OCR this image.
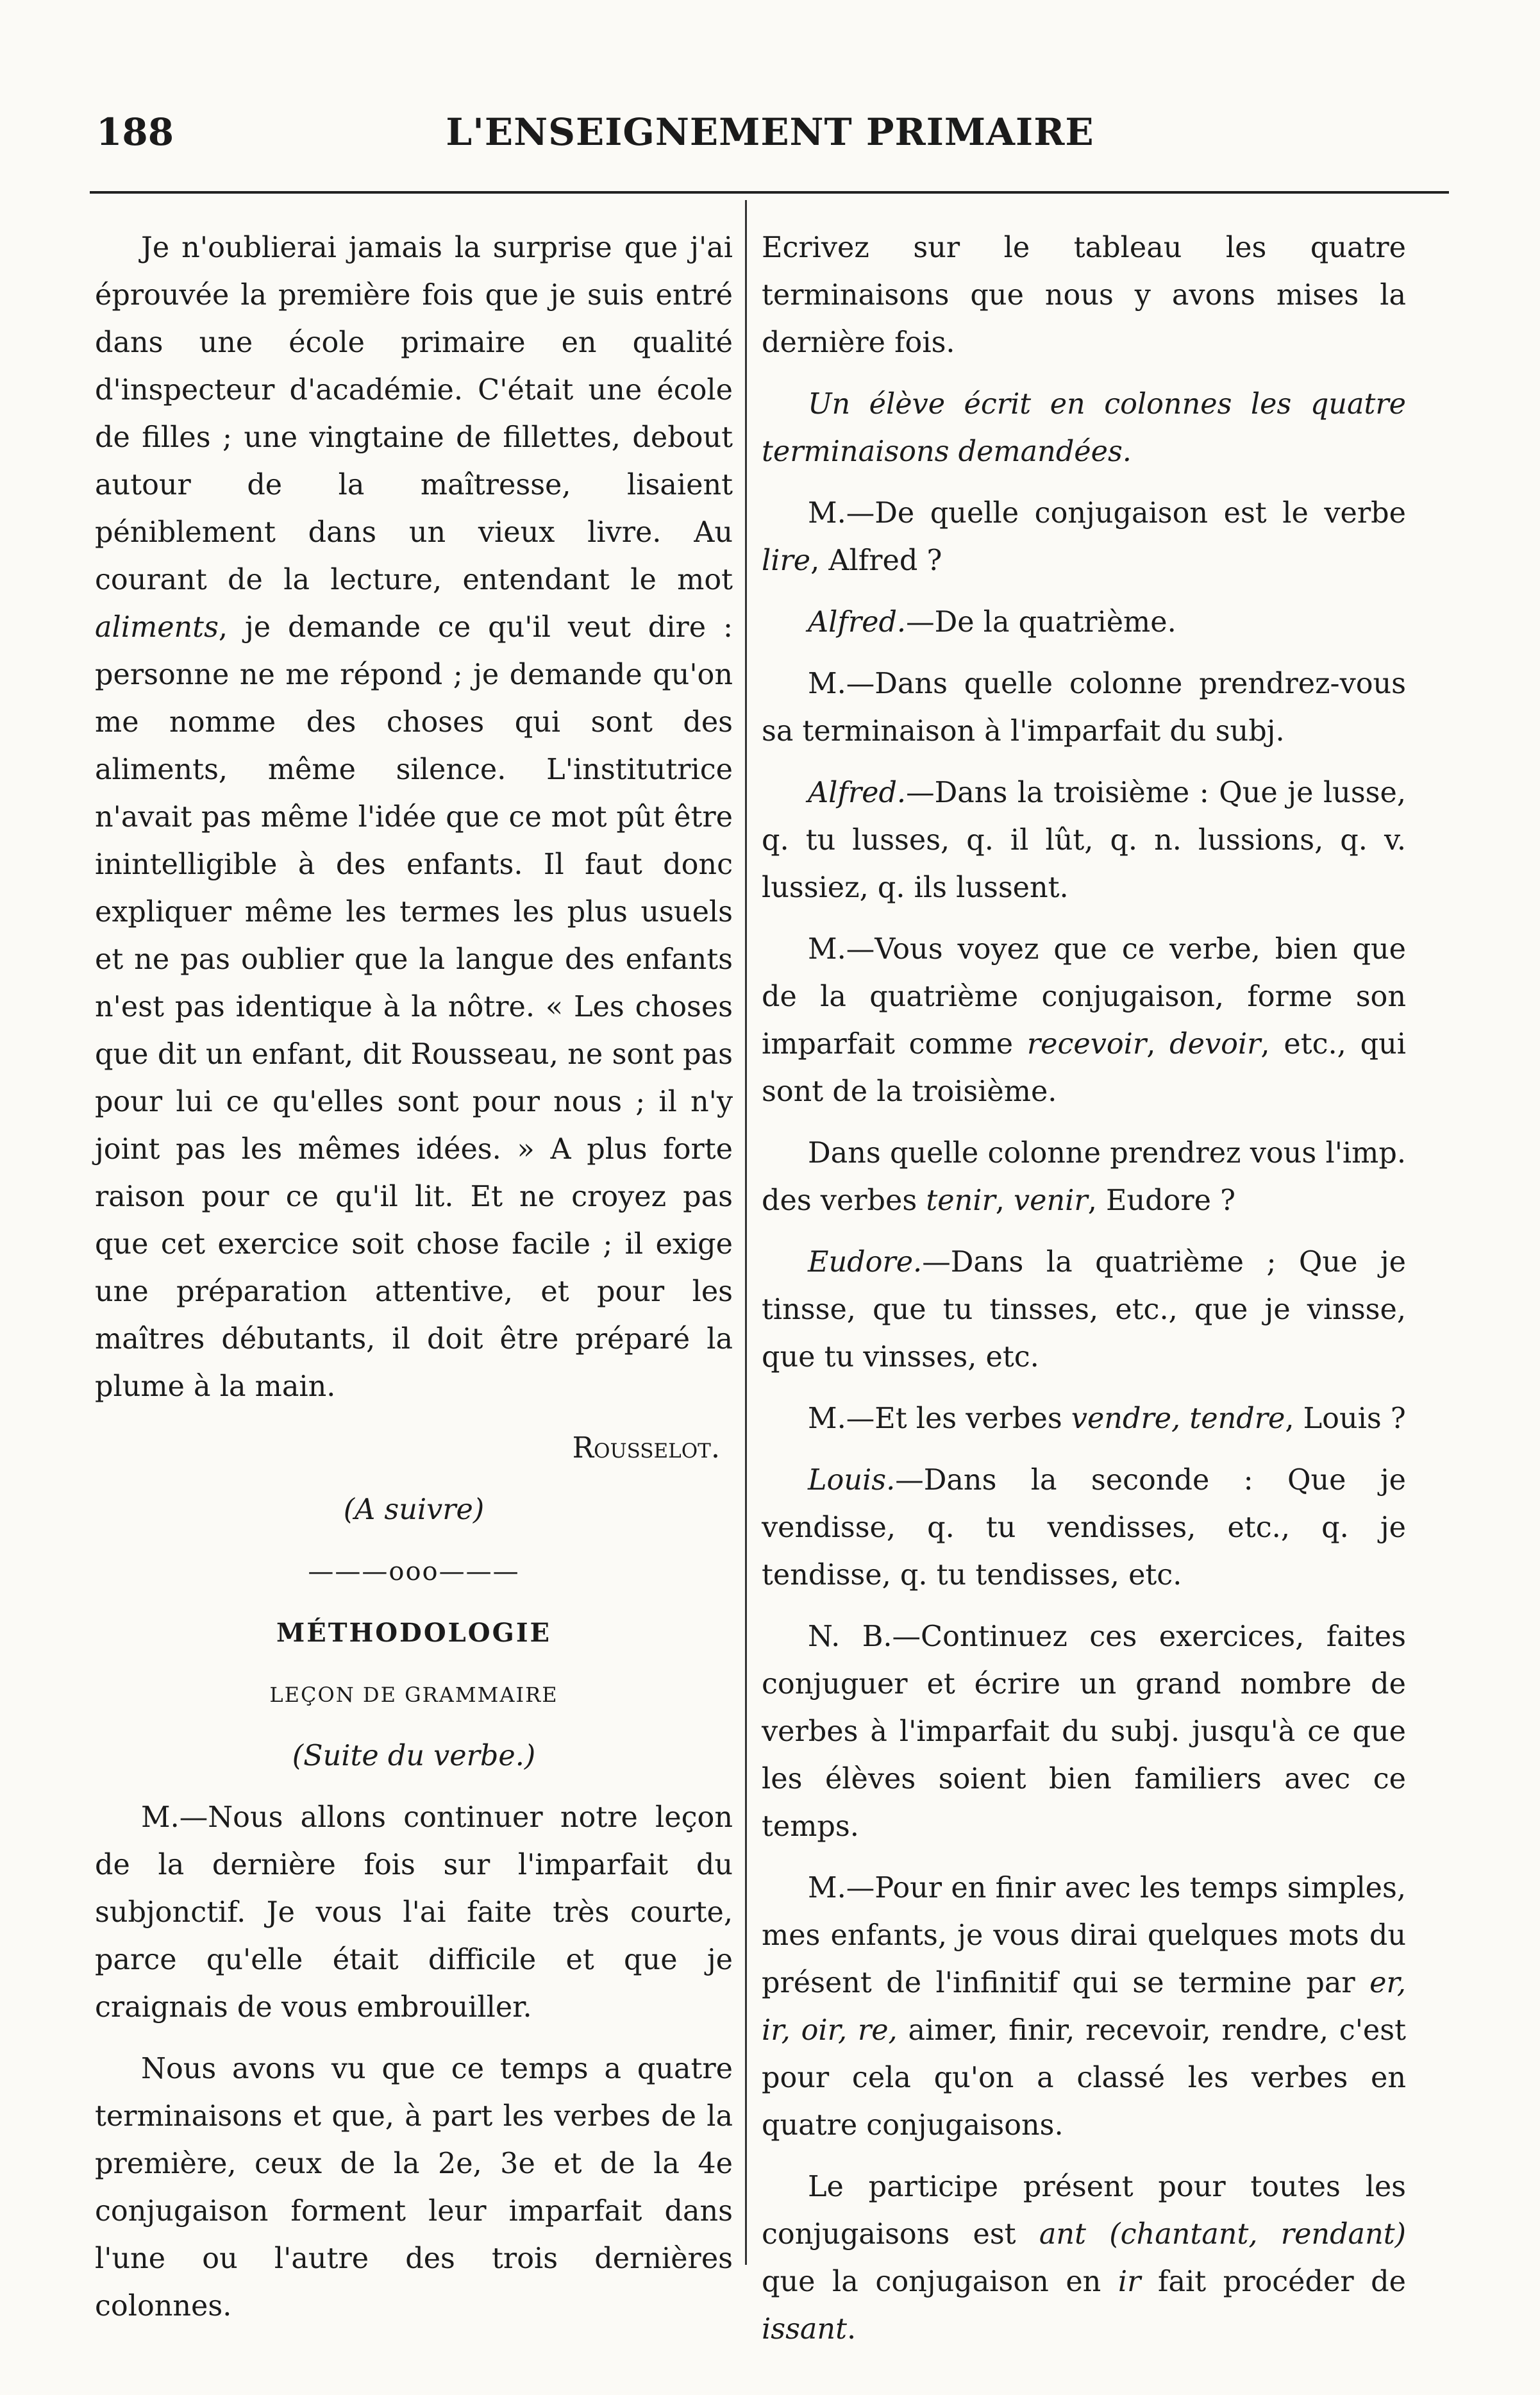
188	L'ENSEIGNEMENT PRIMAIRE

Je n'oublierai jamais la surprise que j'ai éprouvée la première fois que je suis entré dans une école primaire en qualité d'inspecteur d'académie. C'était une école de filles ; une vingtaine de fillettes, debout autour de la maîtresse, lisaient péniblement dans un vieux livre. Au courant de la lecture, entendant le mot aliments, je demande ce qu'il veut dire : personne ne me répond ; je demande qu'on me nomme des choses qui sont des aliments, même silence. L'institutrice n'avait pas même l'idée que ce mot pût être inintelligible à des enfants. Il faut donc expliquer même les termes les plus usuels et ne pas oublier que la langue des enfants n'est pas identique à la nôtre. « Les choses que dit un enfant, dit Rousseau, ne sont pas pour lui ce qu'elles sont pour nous ; il n'y joint pas les mêmes idées. » A plus forte raison pour ce qu'il lit. Et ne croyez pas que cet exercice soit chose facile ; il exige une préparation attentive, et pour les maîtres débutants, il doit être préparé la plume à la main.

Rousselot.

(A suivre)

———ooo———

MÉTHODOLOGIE

LEÇON DE GRAMMAIRE

(Suite du verbe.)

M.—Nous allons continuer notre leçon de la dernière fois sur l'imparfait du subjonctif. Je vous l'ai faite très courte, parce qu'elle était difficile et que je craignais de vous embrouiller.

Nous avons vu que ce temps a quatre terminaisons et que, à part les verbes de la première, ceux de la 2e, 3e et de la 4e conjugaison forment leur imparfait dans l'une ou l'autre des trois dernières colonnes.

Ecrivez sur le tableau les quatre terminaisons que nous y avons mises la dernière fois.

Un élève écrit en colonnes les quatre terminaisons demandées.

M.—De quelle conjugaison est le verbe lire, Alfred ?

Alfred.—De la quatrième.

M.—Dans quelle colonne prendrez-vous sa terminaison à l'imparfait du subj.

Alfred.—Dans la troisième : Que je lusse, q. tu lusses, q. il lût, q. n. lussions, q. v. lussiez, q. ils lussent.

M.—Vous voyez que ce verbe, bien que de la quatrième conjugaison, forme son imparfait comme recevoir, devoir, etc., qui sont de la troisième.

Dans quelle colonne prendrez vous l'imp. des verbes tenir, venir, Eudore ?

Eudore.—Dans la quatrième ; Que je tinsse, que tu tinsses, etc., que je vinsse, que tu vinsses, etc.

M.—Et les verbes vendre, tendre, Louis ?

Louis.—Dans la seconde : Que je vendisse, q. tu vendisses, etc., q. je tendisse, q. tu tendisses, etc.

N. B.—Continuez ces exercices, faites conjuguer et écrire un grand nombre de verbes à l'imparfait du subj. jusqu'à ce que les élèves soient bien familiers avec ce temps.

M.—Pour en finir avec les temps simples, mes enfants, je vous dirai quelques mots du présent de l'infinitif qui se termine par er, ir, oir, re, aimer, finir, recevoir, rendre, c'est pour cela qu'on a classé les verbes en quatre conjugaisons.

Le participe présent pour toutes les conjugaisons est ant (chantant, rendant) que la conjugaison en ir fait procéder de issant.
